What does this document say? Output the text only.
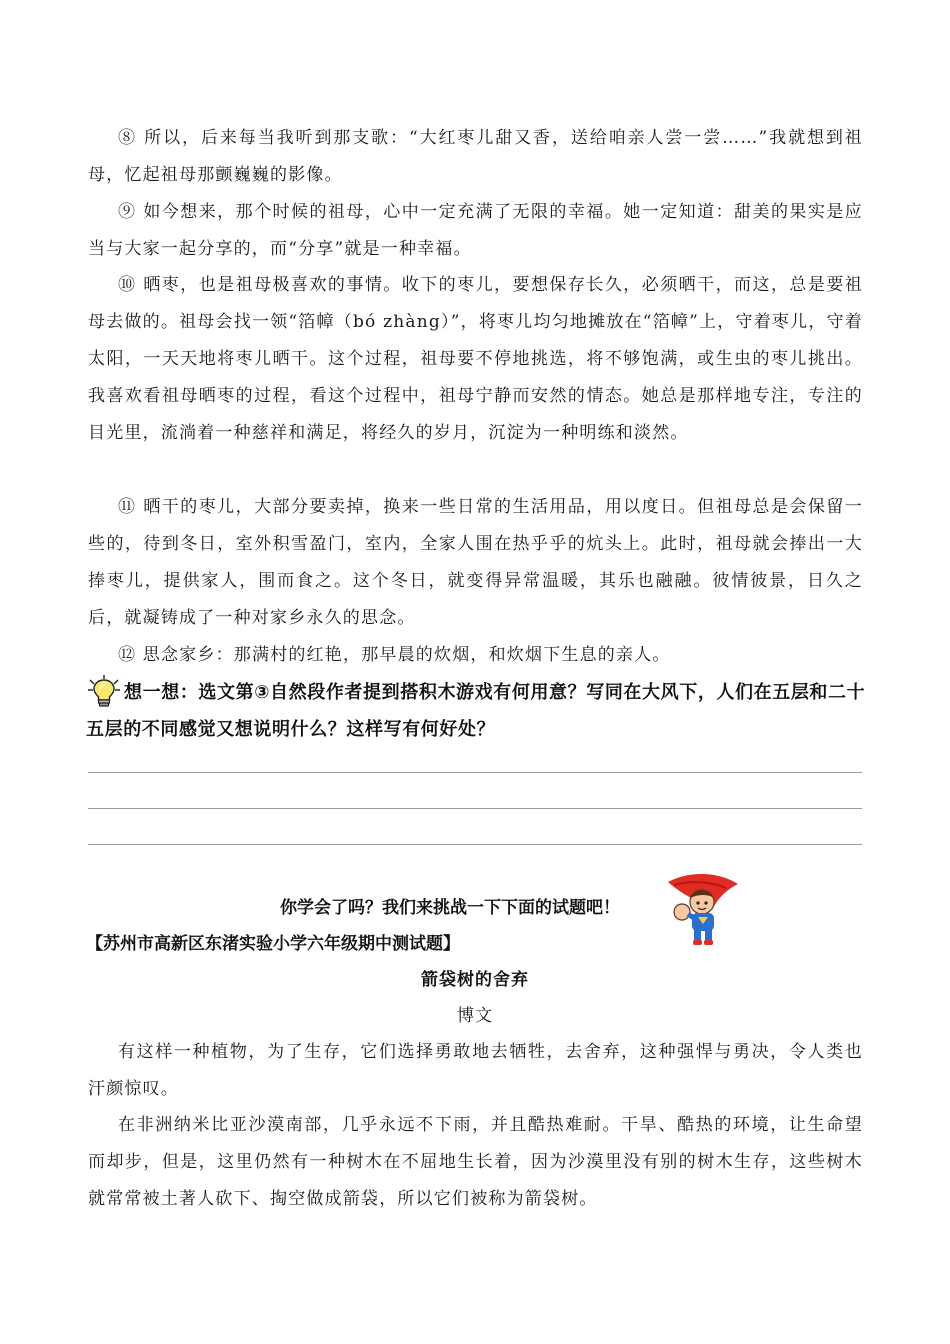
⑧ 所以，后来每当我听到那支歌：“大红枣儿甜又香，送给咱亲人尝一尝……”我就想到祖母，忆起祖母那颤巍巍的影像。

⑨ 如今想来，那个时候的祖母，心中一定充满了无限的幸福。她一定知道：甜美的果实是应当与大家一起分享的，而“分享”就是一种幸福。

⑩ 晒枣，也是祖母极喜欢的事情。收下的枣儿，要想保存长久，必须晒干，而这，总是要祖母去做的。祖母会找一领“箔幛（bó zhàng）”，将枣儿均匀地摊放在“箔幛”上，守着枣儿，守着太阳，一天天地将枣儿晒干。这个过程，祖母要不停地挑选，将不够饱满，或生虫的枣儿挑出。我喜欢看祖母晒枣的过程，看这个过程中，祖母宁静而安然的情态。她总是那样地专注，专注的目光里，流淌着一种慈祥和满足，将经久的岁月，沉淀为一种明练和淡然。

⑪ 晒干的枣儿，大部分要卖掉，换来一些日常的生活用品，用以度日。但祖母总是会保留一些的，待到冬日，室外积雪盈门，室内，全家人围在热乎乎的炕头上。此时，祖母就会捧出一大捧枣儿，提供家人，围而食之。这个冬日，就变得异常温暖，其乐也融融。彼情彼景，日久之后，就凝铸成了一种对家乡永久的思念。

⑫ 思念家乡：那满村的红艳，那早晨的炊烟，和炊烟下生息的亲人。

想一想：选文第③自然段作者提到搭积木游戏有何用意？写同在大风下，人们在五层和二十五层的不同感觉又想说明什么？这样写有何好处？
你学会了吗？我们来挑战一下下面的试题吧！
【苏州市高新区东渚实验小学六年级期中测试题】
箭袋树的舍弃
博文

有这样一种植物，为了生存，它们选择勇敢地去牺牲，去舍弃，这种强悍与勇决，令人类也汗颜惊叹。

在非洲纳米比亚沙漠南部，几乎永远不下雨，并且酷热难耐。干旱、酷热的环境，让生命望而却步，但是，这里仍然有一种树木在不屈地生长着，因为沙漠里没有别的树木生存，这些树木就常常被土著人砍下、掏空做成箭袋，所以它们被称为箭袋树。
